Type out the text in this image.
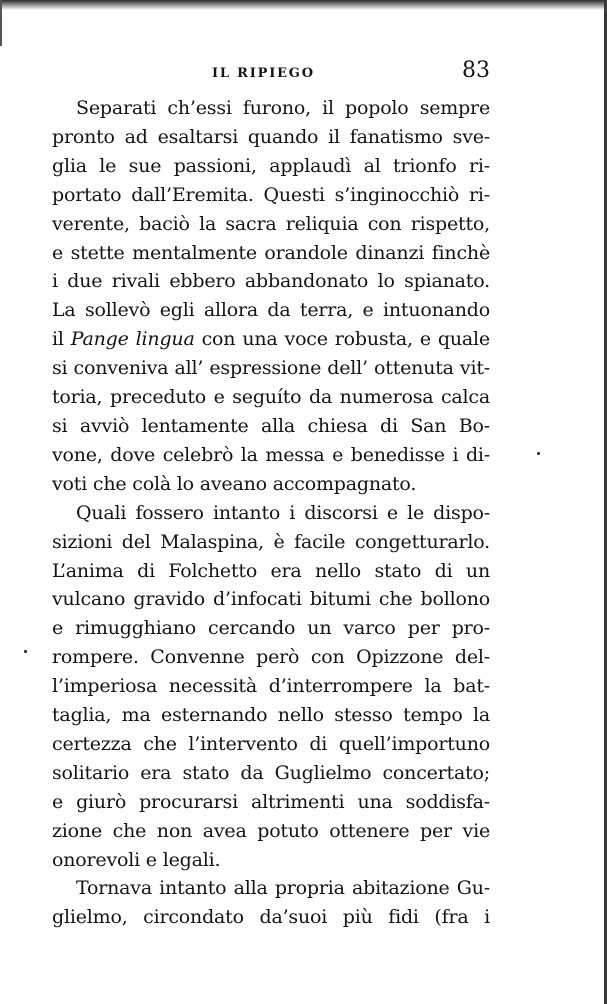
IL RIPIEGO	83

Separati ch’essi furono, il popolo sempre

pronto ad esaltarsi quando il fanatismo sve-

glia le sue passioni, applaudì al trionfo ri-

portato dall’Eremita. Questi s’inginocchiò ri-

verente, baciò la sacra reliquia con rispetto,

e stette mentalmente orandole dinanzi finchè

i due rivali ebbero abbandonato lo spianato.

La sollevò egli allora da terra, e intuonando

il Pange lingua con una voce robusta, e quale

si conveniva all’ espressione dell’ ottenuta vit-

toria, preceduto e seguíto da numerosa calca

si avviò lentamente alla chiesa di San Bo-

vone, dove celebrò la messa e benedisse i di-

voti che colà lo aveano accompagnato.

Quali fossero intanto i discorsi e le dispo-

sizioni del Malaspina, è facile congetturarlo.

L’anima di Folchetto era nello stato di un

vulcano gravido d’infocati bitumi che bollono

e rimugghiano cercando un varco per pro-

rompere. Convenne però con Opizzone del-

l’imperiosa necessità d’interrompere la bat-

taglia, ma esternando nello stesso tempo la

certezza che l’intervento di quell’importuno

solitario era stato da Guglielmo concertato;

e giurò procurarsi altrimenti una soddisfa-

zione che non avea potuto ottenere per vie

onorevoli e legali.

Tornava intanto alla propria abitazione Gu-

glielmo, circondato da’suoi più fidi (fra i
